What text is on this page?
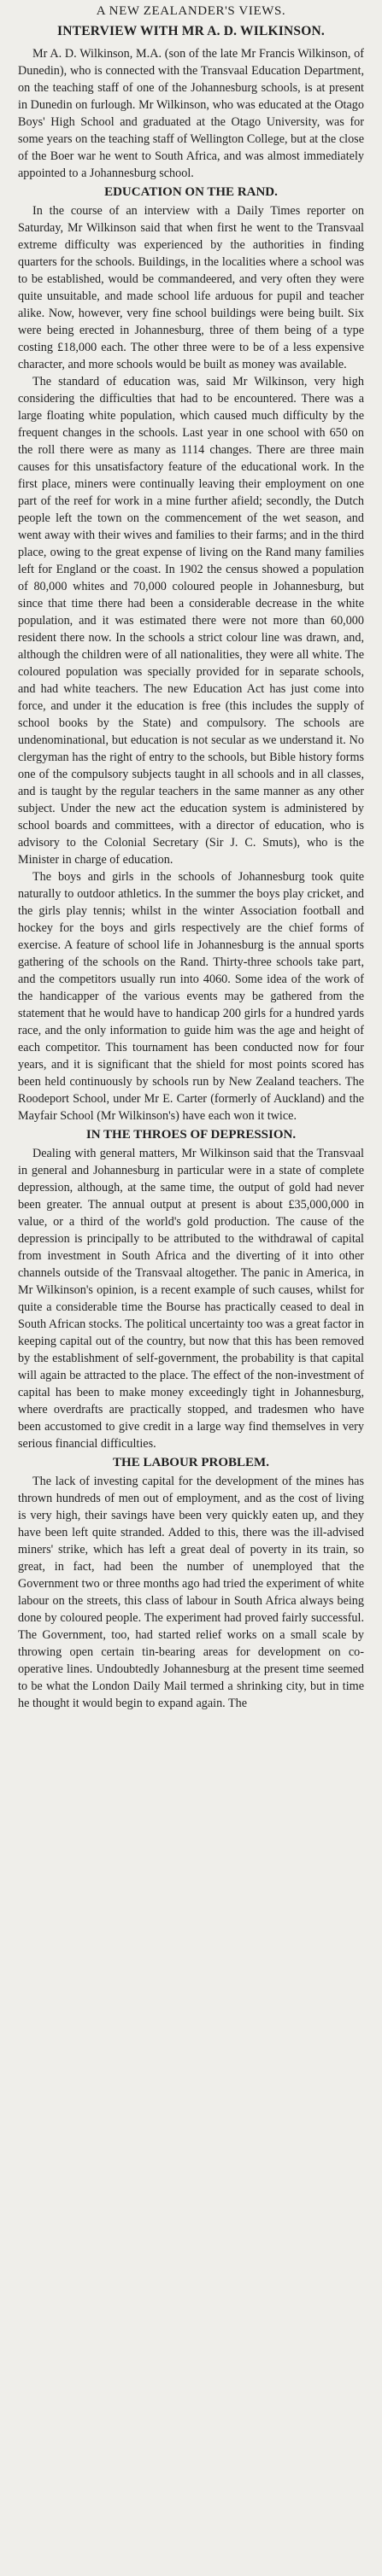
A NEW ZEALANDER'S VIEWS.
INTERVIEW WITH MR A. D. WILKINSON.

Mr A. D. Wilkinson, M.A. (son of the late Mr Francis Wilkinson, of Dunedin), who is connected with the Transvaal Education Department, on the teaching staff of one of the Johannesburg schools, is at present in Dunedin on furlough. Mr Wilkinson, who was educated at the Otago Boys' High School and graduated at the Otago University, was for some years on the teaching staff of Wellington College, but at the close of the Boer war he went to South Africa, and was almost immediately appointed to a Johannesburg school.

EDUCATION ON THE RAND.

In the course of an interview with a Daily Times reporter on Saturday, Mr Wilkinson said that when first he went to the Transvaal extreme difficulty was experienced by the authorities in finding quarters for the schools. Buildings, in the localities where a school was to be established, would be commandeered, and very often they were quite unsuitable, and made school life arduous for pupil and teacher alike. Now, however, very fine school buildings were being built. Six were being erected in Johannesburg, three of them being of a type costing £18,000 each. The other three were to be of a less expensive character, and more schools would be built as money was available.

The standard of education was, said Mr Wilkinson, very high considering the difficulties that had to be encountered. There was a large floating white population, which caused much difficulty by the frequent changes in the schools. Last year in one school with 650 on the roll there were as many as 1114 changes. There are three main causes for this unsatisfactory feature of the educational work. In the first place, miners were continually leaving their employment on one part of the reef for work in a mine further afield; secondly, the Dutch people left the town on the commencement of the wet season, and went away with their wives and families to their farms; and in the third place, owing to the great expense of living on the Rand many families left for England or the coast. In 1902 the census showed a population of 80,000 whites and 70,000 coloured people in Johannesburg, but since that time there had been a considerable decrease in the white population, and it was estimated there were not more than 60,000 resident there now. In the schools a strict colour line was drawn, and, although the children were of all nationalities, they were all white. The coloured population was specially provided for in separate schools, and had white teachers. The new Education Act has just come into force, and under it the education is free (this includes the supply of school books by the State) and compulsory. The schools are undenominational, but education is not secular as we understand it. No clergyman has the right of entry to the schools, but Bible history forms one of the compulsory subjects taught in all schools and in all classes, and is taught by the regular teachers in the same manner as any other subject. Under the new act the education system is administered by school boards and committees, with a director of education, who is advisory to the Colonial Secretary (Sir J. C. Smuts), who is the Minister in charge of education.

The boys and girls in the schools of Johannesburg took quite naturally to outdoor athletics. In the summer the boys play cricket, and the girls play tennis; whilst in the winter Association football and hockey for the boys and girls respectively are the chief forms of exercise. A feature of school life in Johannesburg is the annual sports gathering of the schools on the Rand. Thirty-three schools take part, and the competitors usually run into 4060. Some idea of the work of the handicapper of the various events may be gathered from the statement that he would have to handicap 200 girls for a hundred yards race, and the only information to guide him was the age and height of each competitor. This tournament has been conducted now for four years, and it is significant that the shield for most points scored has been held continuously by schools run by New Zealand teachers. The Roodeport School, under Mr E. Carter (formerly of Auckland) and the Mayfair School (Mr Wilkinson's) have each won it twice.

IN THE THROES OF DEPRESSION.

Dealing with general matters, Mr Wilkinson said that the Transvaal in general and Johannesburg in particular were in a state of complete depression, although, at the same time, the output of gold had never been greater. The annual output at present is about £35,000,000 in value, or a third of the world's gold production. The cause of the depression is principally to be attributed to the withdrawal of capital from investment in South Africa and the diverting of it into other channels outside of the Transvaal altogether. The panic in America, in Mr Wilkinson's opinion, is a recent example of such causes, whilst for quite a considerable time the Bourse has practically ceased to deal in South African stocks. The political uncertainty too was a great factor in keeping capital out of the country, but now that this has been removed by the establishment of self-government, the probability is that capital will again be attracted to the place. The effect of the non-investment of capital has been to make money exceedingly tight in Johannesburg, where overdrafts are practically stopped, and tradesmen who have been accustomed to give credit in a large way find themselves in very serious financial difficulties.

THE LABOUR PROBLEM.

The lack of investing capital for the development of the mines has thrown hundreds of men out of employment, and as the cost of living is very high, their savings have been very quickly eaten up, and they have been left quite stranded. Added to this, there was the ill-advised miners' strike, which has left a great deal of poverty in its train, so great, in fact, had been the number of unemployed that the Government two or three months ago had tried the experiment of white labour on the streets, this class of labour in South Africa always being done by coloured people. The experiment had proved fairly successful. The Government, too, had started relief works on a small scale by throwing open certain tin-bearing areas for development on co-operative lines. Undoubtedly Johannesburg at the present time seemed to be what the London Daily Mail termed a shrinking city, but in time he thought it would begin to expand again. The
